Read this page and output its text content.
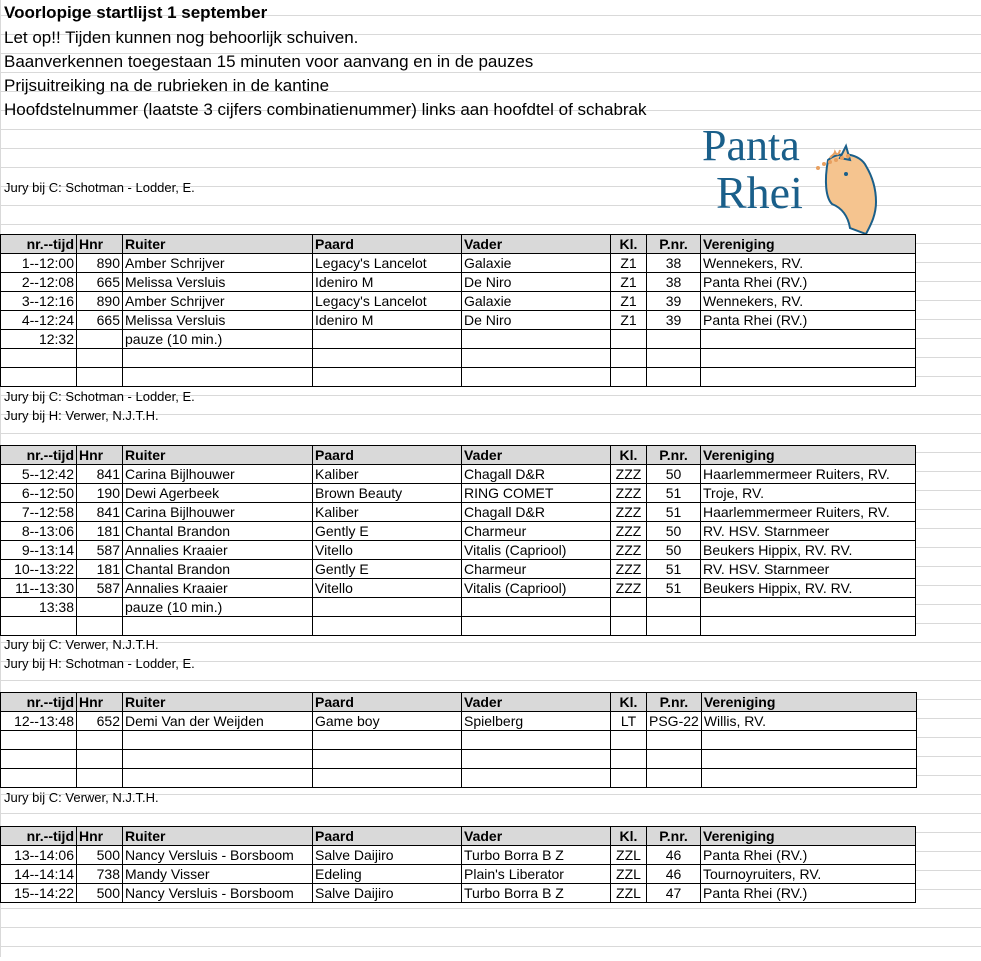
Voorlopige startlijst 1 september
Let op!! Tijden kunnen nog behoorlijk schuiven.
Baanverkennen toegestaan 15 minuten voor aanvang en in de pauzes
Prijsuitreiking na de rubrieken in de kantine
Hoofdstelnummer (laatste 3 cijfers combinatienummer) links aan hoofdtel of schabrak
Panta
Rhei
Jury bij C: Schotman - Lodder, E.
nr.--tijd	Hnr	Ruiter	Paard	Vader	Kl.	P.nr.	Vereniging
1--12:00	890	Amber Schrijver	Legacy's Lancelot	Galaxie	Z1	38	Wennekers, RV.
2--12:08	665	Melissa Versluis	Ideniro M	De Niro	Z1	38	Panta Rhei (RV.)
3--12:16	890	Amber Schrijver	Legacy's Lancelot	Galaxie	Z1	39	Wennekers, RV.
4--12:24	665	Melissa Versluis	Ideniro M	De Niro	Z1	39	Panta Rhei (RV.)
12:32		pauze (10 min.)					

Jury bij C: Schotman - Lodder, E.
Jury bij H: Verwer, N.J.T.H.
nr.--tijd	Hnr	Ruiter	Paard	Vader	Kl.	P.nr.	Vereniging
5--12:42	841	Carina Bijlhouwer	Kaliber	Chagall D&R	ZZZ	50	Haarlemmermeer Ruiters, RV.
6--12:50	190	Dewi Agerbeek	Brown Beauty	RING COMET	ZZZ	51	Troje, RV.
7--12:58	841	Carina Bijlhouwer	Kaliber	Chagall D&R	ZZZ	51	Haarlemmermeer Ruiters, RV.
8--13:06	181	Chantal Brandon	Gently E	Charmeur	ZZZ	50	RV. HSV. Starnmeer
9--13:14	587	Annalies Kraaier	Vitello	Vitalis (Capriool)	ZZZ	50	Beukers Hippix, RV. RV.
10--13:22	181	Chantal Brandon	Gently E	Charmeur	ZZZ	51	RV. HSV. Starnmeer
11--13:30	587	Annalies Kraaier	Vitello	Vitalis (Capriool)	ZZZ	51	Beukers Hippix, RV. RV.
13:38		pauze (10 min.)					

Jury bij C: Verwer, N.J.T.H.
Jury bij H: Schotman - Lodder, E.
nr.--tijd	Hnr	Ruiter	Paard	Vader	Kl.	P.nr.	Vereniging
12--13:48	652	Demi Van der Weijden	Game boy	Spielberg	LT	PSG-22	Willis, RV.

Jury bij C: Verwer, N.J.T.H.
nr.--tijd	Hnr	Ruiter	Paard	Vader	Kl.	P.nr.	Vereniging
13--14:06	500	Nancy Versluis - Borsboom	Salve Daijiro	Turbo Borra B Z	ZZL	46	Panta Rhei (RV.)
14--14:14	738	Mandy Visser	Edeling	Plain's Liberator	ZZL	46	Tournoyruiters, RV.
15--14:22	500	Nancy Versluis - Borsboom	Salve Daijiro	Turbo Borra B Z	ZZL	47	Panta Rhei (RV.)
